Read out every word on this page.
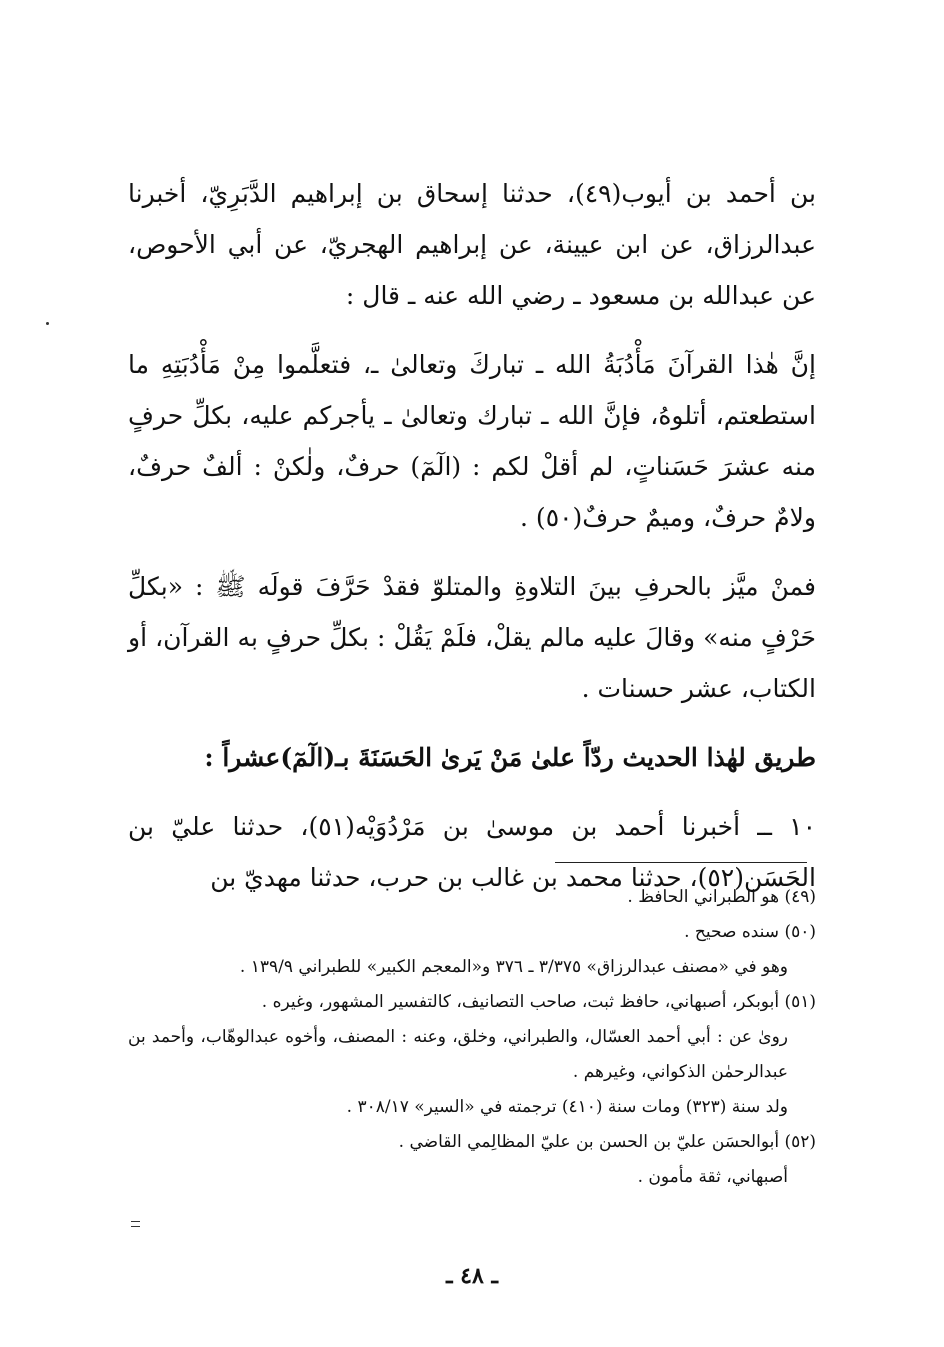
بن أحمد بن أيوب(٤٩)، حدثنا إسحاق بن إبراهيم الدَّبَرِيّ، أخبرنا عبدالرزاق، عن ابن عيينة، عن إبراهيم الهجريّ، عن أبي الأحوص، عن عبدالله بن مسعود ـ رضي الله عنه ـ قال :

إنَّ هٰذا القرآنَ مَأْدُبَةُ الله ـ تباركَ وتعالىٰ ـ، فتعلَّموا مِنْ مَأْدُبَتِهِ ما استطعتم، أتلوهُ، فإنَّ الله ـ تبارك وتعالىٰ ـ يأجركم عليه، بكلِّ حرفٍ منه عشرَ حَسَناتٍ، لم أقلْ لكم : (الٓمٓ) حرفٌ، ولٰكنْ : ألفٌ حرفٌ، ولامٌ حرفٌ، وميمٌ حرفٌ(٥٠) .

فمنْ ميَّز بالحرفِ بينَ التلاوةِ والمتلوّ فقدْ حَرَّفَ قولَه ﷺ : «بكلِّ حَرْفٍ منه» وقالَ عليه مالم يقلْ، فلَمْ يَقُلْ : بكلِّ حرفٍ به القرآن، أو الكتاب، عشر حسنات .

طريق لهٰذا الحديث ردّاً علىٰ مَنْ يَرىٰ الحَسَنَةَ بـ(الٓمٓ)عشراً :

١٠ ــ أخبرنا أحمد بن موسىٰ بن مَرْدُوَيْه(٥١)، حدثنا عليّ بن الحَسَن(٥٢)، حدثنا محمد بن غالب بن حرب، حدثنا مهديّ بن

(٤٩) هو الطبراني الحافظ .

(٥٠) سنده صحيح .

وهو في «مصنف عبدالرزاق» ٣/٣٧٥ ـ ٣٧٦ و«المعجم الكبير» للطبراني ١٣٩/٩ .

(٥١) أبوبكر، أصبهاني، حافظ ثبت، صاحب التصانيف، كالتفسير المشهور، وغيره .

روىٰ عن : أبي أحمد العسّال، والطبراني، وخلق، وعنه : المصنف، وأخوه عبدالوهّاب، وأحمد بن عبدالرحمٰن الذكواني، وغيرهم .

ولد سنة (٣٢٣) ومات سنة (٤١٠) ترجمته في «السير» ٣٠٨/١٧ .

(٥٢) أبوالحسَن عليّ بن الحسن بن عليّ المظالِمي القاضي .

أصبهاني، ثقة مأمون .

ـ ٤٨ ـ
